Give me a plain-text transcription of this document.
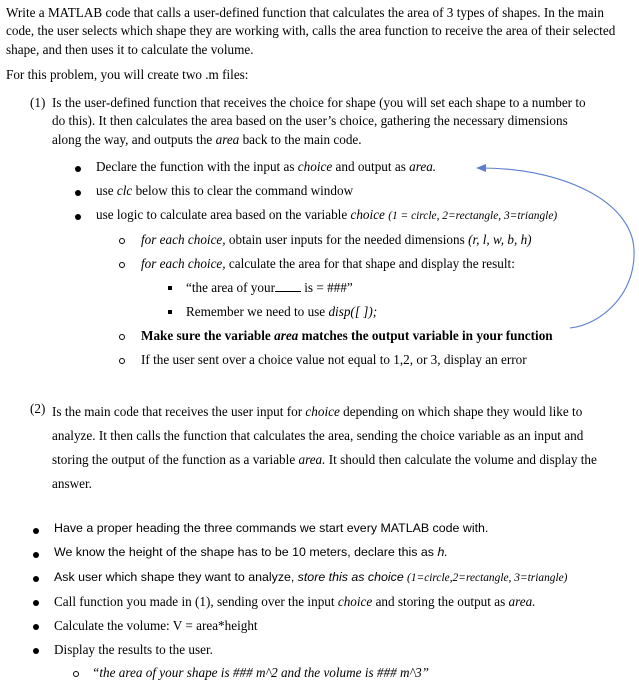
Write a MATLAB code that calls a user-defined function that calculates the area of 3 types of shapes. In the main code, the user selects which shape they are working with, calls the area function to receive the area of their selected shape, and then uses it to calculate the volume.
For this problem, you will create two .m files:
(1) Is the user-defined function that receives the choice for shape (you will set each shape to a number to do this). It then calculates the area based on the user’s choice, gathering the necessary dimensions along the way, and outputs the area back to the main code.
Declare the function with the input as choice and output as area.
use clc below this to clear the command window
use logic to calculate area based on the variable choice (1 = circle, 2=rectangle, 3=triangle)
for each choice, obtain user inputs for the needed dimensions (r, l, w, b, h)
for each choice, calculate the area for that shape and display the result:
“the area of your is = ###”
Remember we need to use disp([ ]);
Make sure the variable area matches the output variable in your function
If the user sent over a choice value not equal to 1,2, or 3, display an error
(2) Is the main code that receives the user input for choice depending on which shape they would like to analyze. It then calls the function that calculates the area, sending the choice variable as an input and storing the output of the function as a variable area. It should then calculate the volume and display the answer.
Have a proper heading the three commands we start every MATLAB code with.
We know the height of the shape has to be 10 meters, declare this as h.
Ask user which shape they want to analyze, store this as choice (1=circle,2=rectangle, 3=triangle)
Call function you made in (1), sending over the input choice and storing the output as area.
Calculate the volume: V = area*height
Display the results to the user.
“the area of your shape is ### m^2 and the volume is ### m^3”
